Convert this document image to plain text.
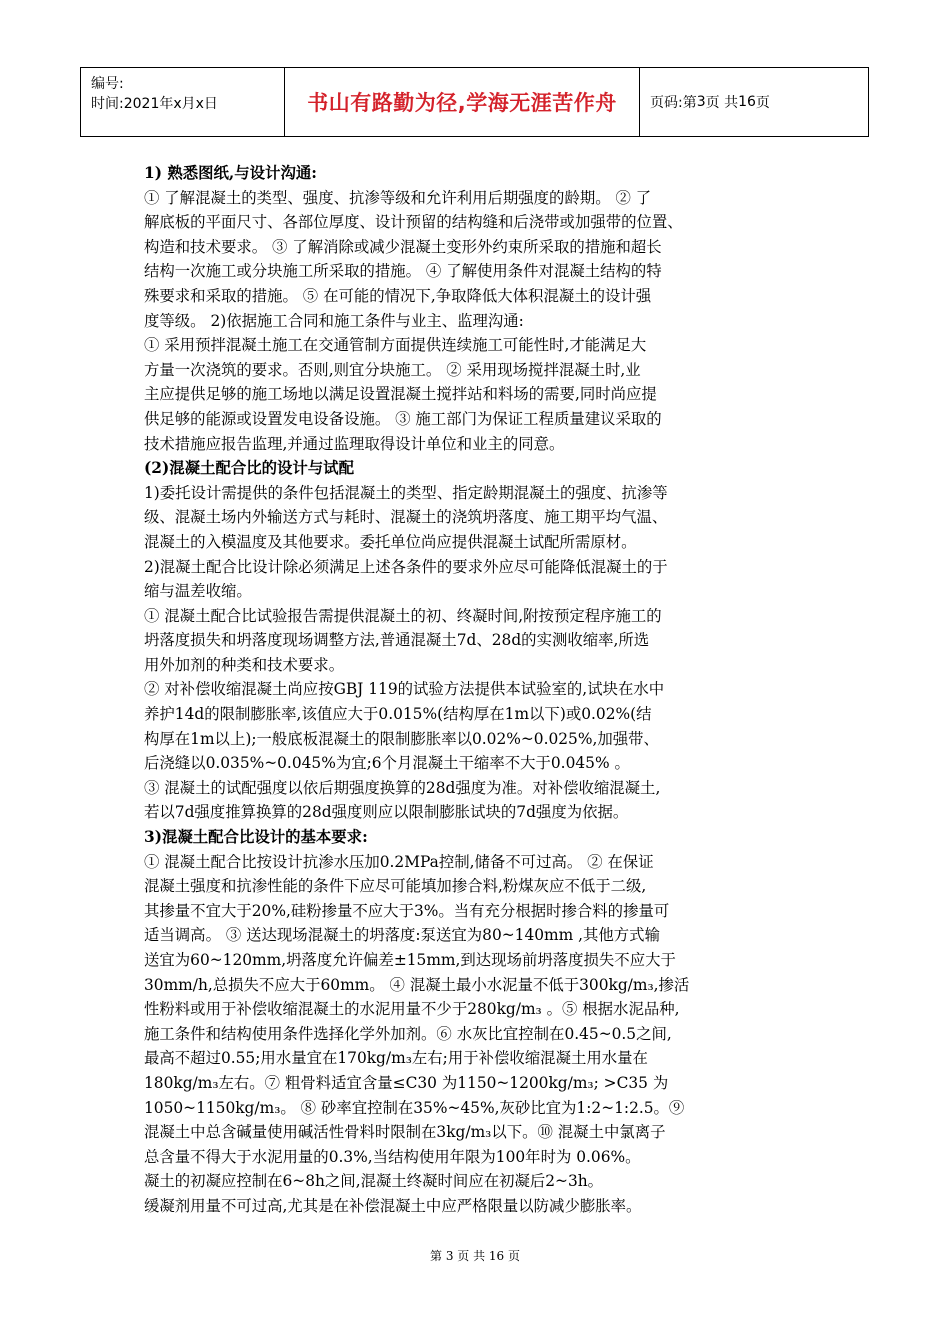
编号:
时间:2021年x月x日	书山有路勤为径,学海无涯苦作舟 页码:第 3 页 共 16 页
1) 熟悉图纸,与设计沟通:
① 了解混凝土的类型、强度、抗渗等级和允许利用后期强度的龄期。 ② 了
解底板的平面尺寸、各部位厚度、设计预留的结构缝和后浇带或加强带的位置、
构造和技术要求。 ③ 了解消除或减少混凝土变形外约束所采取的措施和超长
结构一次施工或分块施工所采取的措施。 ④ 了解使用条件对混凝土结构的特
殊要求和采取的措施。 ⑤ 在可能的情况下,争取降低大体积混凝土的设计强
度等级。 2)依据施工合同和施工条件与业主、监理沟通:
① 采用预拌混凝土施工在交通管制方面提供连续施工可能性时,才能满足大
方量一次浇筑的要求。否则,则宜分块施工。 ② 采用现场搅拌混凝土时,业
主应提供足够的施工场地以满足设置混凝土搅拌站和料场的需要,同时尚应提
供足够的能源或设置发电设备设施。 ③ 施工部门为保证工程质量建议采取的
技术措施应报告监理,并通过监理取得设计单位和业主的同意。
(2)混凝土配合比的设计与试配
1)委托设计需提供的条件包括混凝土的类型、指定龄期混凝土的强度、抗渗等
级、混凝土场内外输送方式与耗时、混凝土的浇筑坍落度、施工期平均气温、
混凝土的入模温度及其他要求。委托单位尚应提供混凝土试配所需原材。
2)混凝土配合比设计除必须满足上述各条件的要求外应尽可能降低混凝土的于
缩与温差收缩。
① 混凝土配合比试验报告需提供混凝土的初、终凝时间,附按预定程序施工的
坍落度损失和坍落度现场调整方法,普通混凝土7d、28d的实测收缩率,所选
用外加剂的种类和技术要求。
② 对补偿收缩混凝土尚应按GBJ 119的试验方法提供本试验室的,试块在水中
养护14d的限制膨胀率,该值应大于0.015%(结构厚在1m以下)或0.02%(结
构厚在1m以上);一般底板混凝土的限制膨胀率以0.02%~0.025%,加强带、
后浇缝以0.035%~0.045%为宜;6个月混凝土干缩率不大于0.045% 。
③ 混凝土的试配强度以依后期强度换算的28d强度为准。对补偿收缩混凝土,
若以7d强度推算换算的28d强度则应以限制膨胀试块的7d强度为依据。
3)混凝土配合比设计的基本要求:
① 混凝土配合比按设计抗渗水压加0.2MPa控制,储备不可过高。 ② 在保证
混凝土强度和抗渗性能的条件下应尽可能填加掺合料,粉煤灰应不低于二级,
其掺量不宜大于20%,硅粉掺量不应大于3%。当有充分根据时掺合料的掺量可
适当调高。 ③ 送达现场混凝土的坍落度:泵送宜为80~140mm ,其他方式输
送宜为60~120mm,坍落度允许偏差±15mm,到达现场前坍落度损失不应大于
30mm/h,总损失不应大于60mm。 ④ 混凝土最小水泥量不低于300kg/m₃,掺活
性粉料或用于补偿收缩混凝土的水泥用量不少于280kg/m₃ 。⑤ 根据水泥品种,
施工条件和结构使用条件选择化学外加剂。⑥ 水灰比宜控制在0.45~0.5之间,
最高不超过0.55;用水量宜在170kg/m₃左右;用于补偿收缩混凝土用水量在
180kg/m₃左右。⑦ 粗骨料适宜含量≤C30 为1150~1200kg/m₃; >C35 为
1050~1150kg/m₃。 ⑧ 砂率宜控制在35%~45%,灰砂比宜为1:2~1:2.5。⑨
混凝土中总含碱量使用碱活性骨料时限制在3kg/m₃以下。⑩ 混凝土中氯离子
总含量不得大于水泥用量的0.3%,当结构使用年限为100年时为 0.06%。
凝土的初凝应控制在6~8h之间,混凝土终凝时间应在初凝后2~3h。
缓凝剂用量不可过高,尤其是在补偿混凝土中应严格限量以防减少膨胀率。
第 3 页 共 16 页
